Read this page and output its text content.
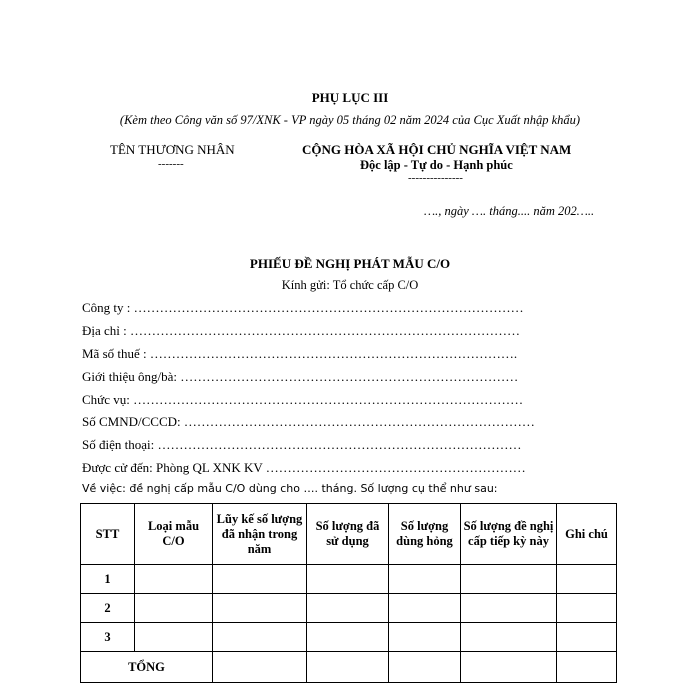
PHỤ LỤC III
(Kèm theo Công văn số 97/XNK - VP ngày 05 tháng 02 năm 2024 của Cục Xuất nhập khẩu)
TÊN THƯƠNG NHÂN
-------
CỘNG HÒA XÃ HỘI CHỦ NGHĨA VIỆT NAM
Độc lập - Tự do - Hạnh phúc
---------------
…., ngày …. tháng.... năm 202…..
PHIẾU ĐỀ NGHỊ PHÁT MẪU C/O
Kính gửi: Tổ chức cấp C/O
Công ty : ………………………………………………………………………………
Địa chỉ : ………………………………………………………………………………
Mã số thuế : ………………………………………………………………………….
Giới thiệu ông/bà: ……………………………………………………………………
Chức vụ: ………………………………………………………………………………
Số CMND/CCCD: ………………………………………………………………………
Số điện thoại: …………………………………………………………………………
Được cử đến: Phòng QL XNK KV ……………………………………………………
Về việc: đề nghị cấp mẫu C/O dùng cho …. tháng. Số lượng cụ thể như sau:
STT	Loại mẫu C/O	Lũy kế số lượng đã nhận trong năm	Số lượng đã sử dụng	Số lượng dùng hỏng	Số lượng đề nghị cấp tiếp kỳ này	Ghi chú
1						
2						
3						
TỔNG						
